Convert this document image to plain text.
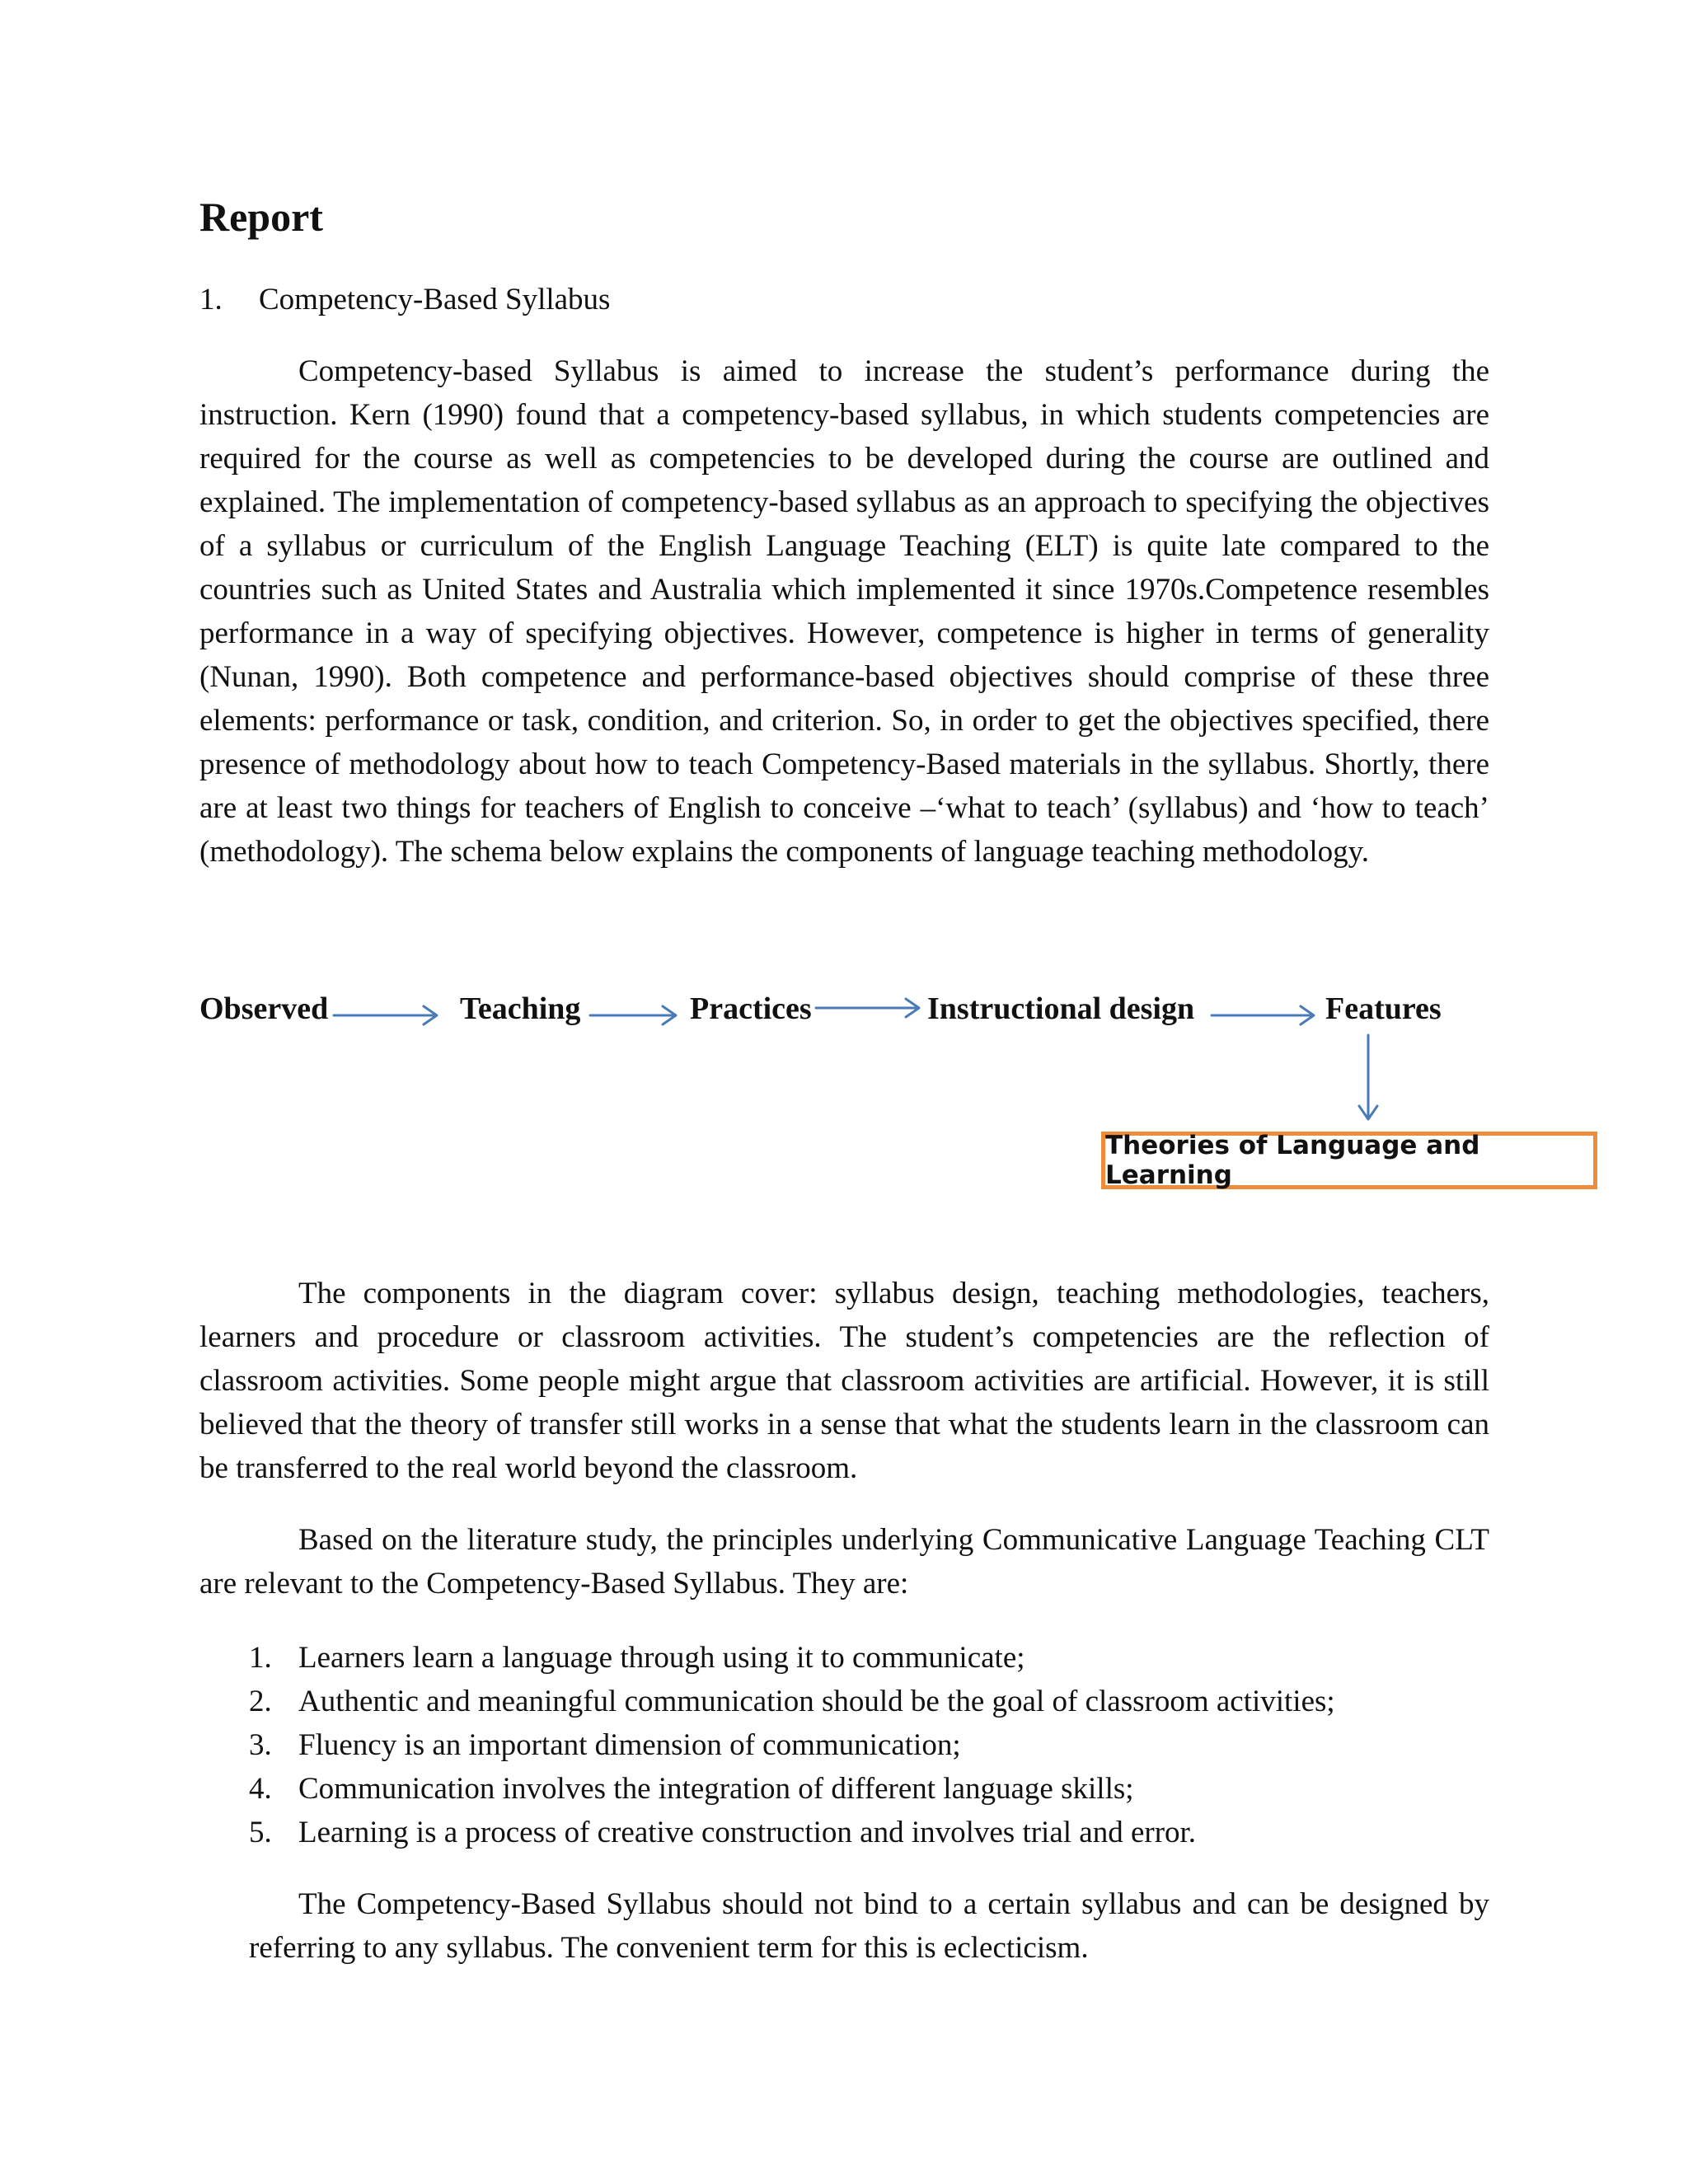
Report
1. Competency-Based Syllabus

Competency-based Syllabus is aimed to increase the student’s performance during the instruction. Kern (1990) found that a competency-based syllabus, in which students competencies are required for the course as well as competencies to be developed during the course are outlined and explained. The implementation of competency-based syllabus as an approach to specifying the objectives of a syllabus or curriculum of the English Language Teaching (ELT) is quite late compared to the countries such as United States and Australia which implemented it since 1970s.Competence resembles performance in a way of specifying objectives. However, competence is higher in terms of generality (Nunan, 1990). Both competence and performance-based objectives should comprise of these three elements: performance or task, condition, and criterion. So, in order to get the objectives specified, there presence of methodology about how to teach Competency-Based materials in the syllabus. Shortly, there are at least two things for teachers of English to conceive –‘what to teach’ (syllabus) and ‘how to teach’ (methodology). The schema below explains the components of language teaching methodology.

Observed	Teaching	Practices	Instructional design	Features
Theories of Language and Learning

The components in the diagram cover: syllabus design, teaching methodologies, teachers, learners and procedure or classroom activities. The student’s competencies are the reflection of classroom activities. Some people might argue that classroom activities are artificial. However, it is still believed that the theory of transfer still works in a sense that what the students learn in the classroom can be transferred to the real world beyond the classroom.

Based on the literature study, the principles underlying Communicative Language Teaching CLT are relevant to the Competency-Based Syllabus. They are:

1. Learners learn a language through using it to communicate;
2. Authentic and meaningful communication should be the goal of classroom activities;
3. Fluency is an important dimension of communication;
4. Communication involves the integration of different language skills;
5. Learning is a process of creative construction and involves trial and error.

The Competency-Based Syllabus should not bind to a certain syllabus and can be designed by referring to any syllabus. The convenient term for this is eclecticism.
